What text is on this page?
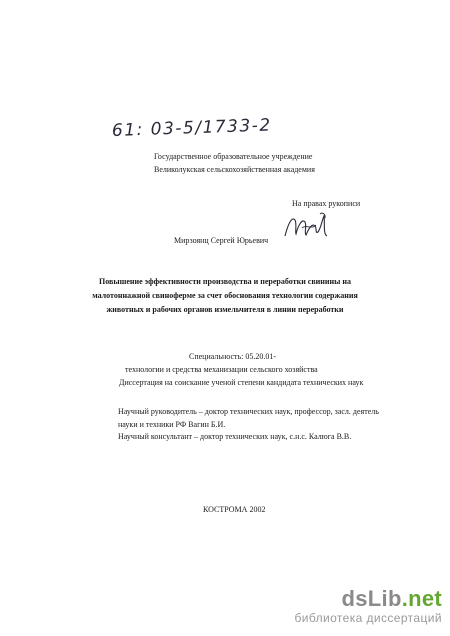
61: 03-5/1733-2
Государственное образовательное учреждение
Великолукская сельскохозяйственная академия
На правах рукописи
Мирзоянц Сергей Юрьевич
Повышение эффективности производства и переработки свинины на
малотоннажной свиноферме за счет обоснования технологии содержания
животных и рабочих органов измельчителя в линии переработки
Специальность: 05.20.01-
технологии и средства механизации сельского хозяйства
Диссертация на соискание ученой степени кандидата технических наук
Научный руководитель – доктор технических наук, профессор, засл. деятель
науки и техники РФ Вагин Б.И.
Научный консультант – доктор технических наук, с.н.с. Калюга В.В.
КОСТРОМА 2002
dsLib.net
библиотека диссертаций
